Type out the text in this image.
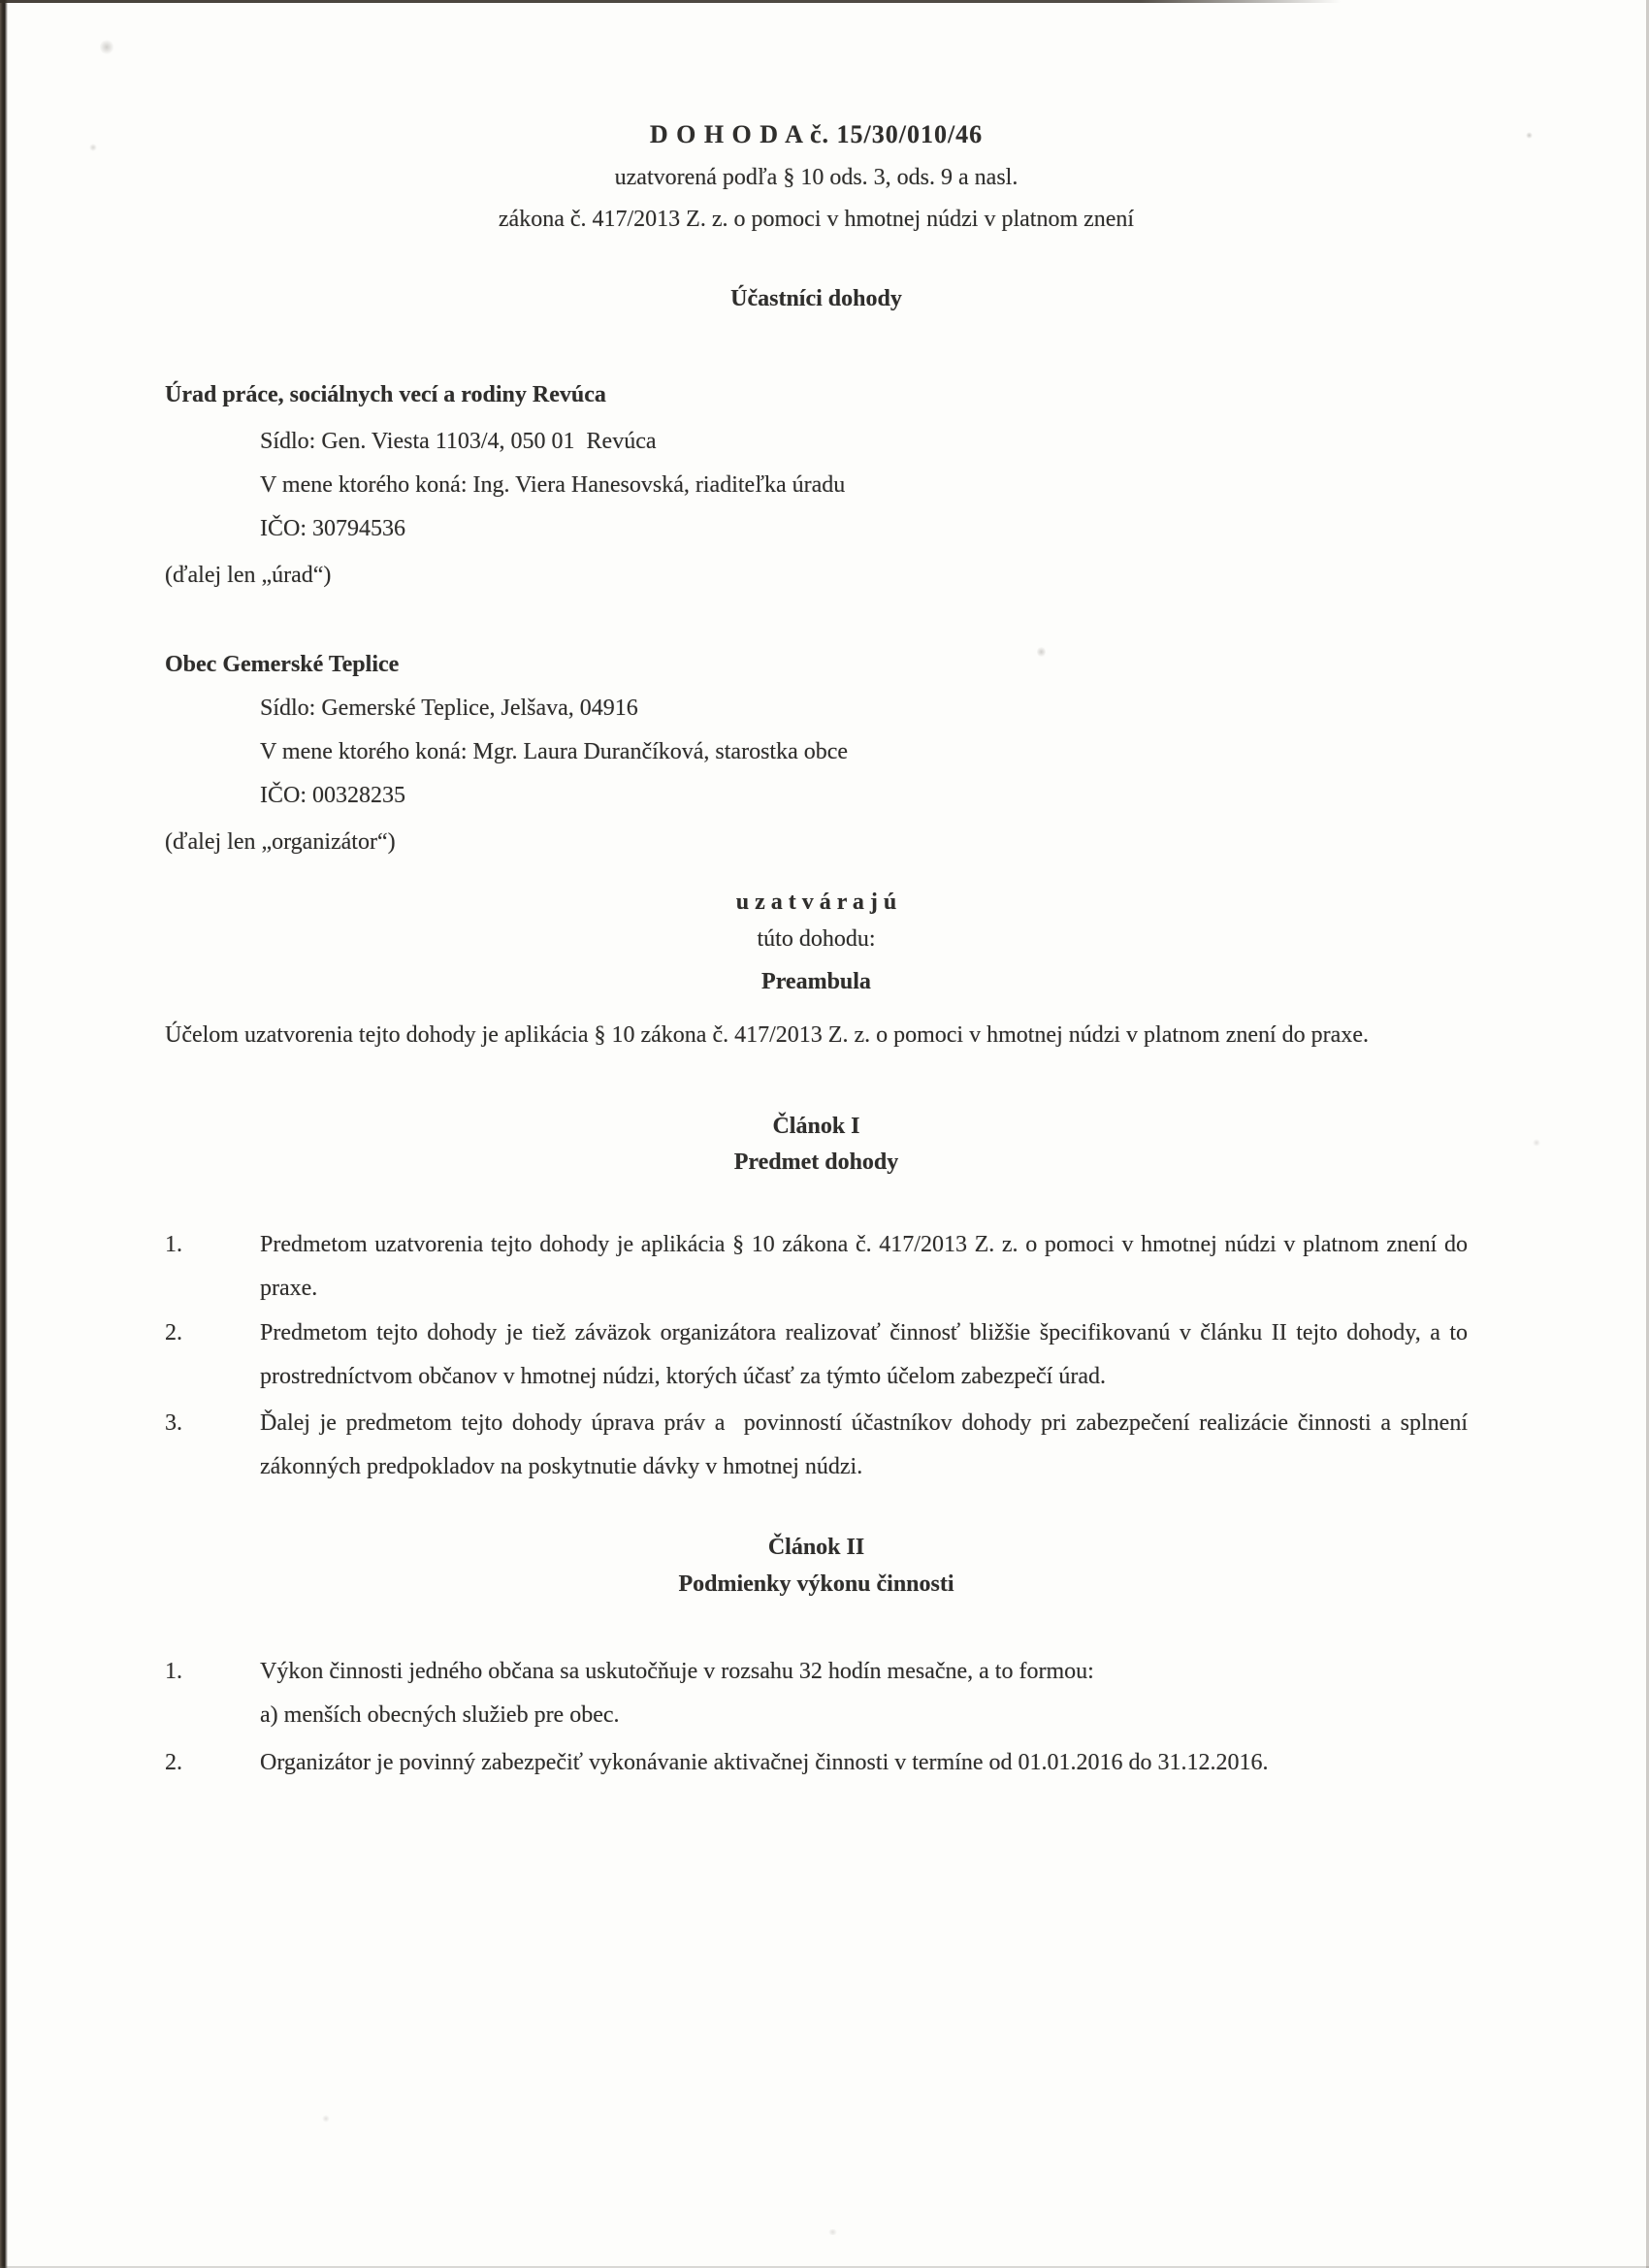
D O H O D A č. 15/30/010/46
uzatvorená podľa § 10 ods. 3, ods. 9 a nasl.
zákona č. 417/2013 Z. z. o pomoci v hmotnej núdzi v platnom znení
Účastníci dohody
Úrad práce, sociálnych vecí a rodiny Revúca
Sídlo: Gen. Viesta 1103/4, 050 01  Revúca
V mene ktorého koná: Ing. Viera Hanesovská, riaditeľka úradu
IČO: 30794536
(ďalej len „úrad“)
Obec Gemerské Teplice
Sídlo: Gemerské Teplice, Jelšava, 04916
V mene ktorého koná: Mgr. Laura Durančíková, starostka obce
IČO: 00328235
(ďalej len „organizátor“)
u z a t v á r a j ú
túto dohodu:
Preambula
Účelom uzatvorenia tejto dohody je aplikácia § 10 zákona č. 417/2013 Z. z. o pomoci v hmotnej núdzi v platnom znení do praxe.
Článok I
Predmet dohody
1.	Predmetom uzatvorenia tejto dohody je aplikácia § 10 zákona č. 417/2013 Z. z. o pomoci v hmotnej núdzi v platnom znení do praxe.
2.	Predmetom tejto dohody je tiež záväzok organizátora realizovať činnosť bližšie špecifikovanú v článku II tejto dohody, a to prostredníctvom občanov v hmotnej núdzi, ktorých účasť za týmto účelom zabezpečí úrad.
3.	Ďalej je predmetom tejto dohody úprava práv a  povinností účastníkov dohody pri zabezpečení realizácie činnosti a splnení zákonných predpokladov na poskytnutie dávky v hmotnej núdzi.
Článok II
Podmienky výkonu činnosti
1.	Výkon činnosti jedného občana sa uskutočňuje v rozsahu 32 hodín mesačne, a to formou:
a) menších obecných služieb pre obec.
2.	Organizátor je povinný zabezpečiť vykonávanie aktivačnej činnosti v termíne od 01.01.2016 do 31.12.2016.
